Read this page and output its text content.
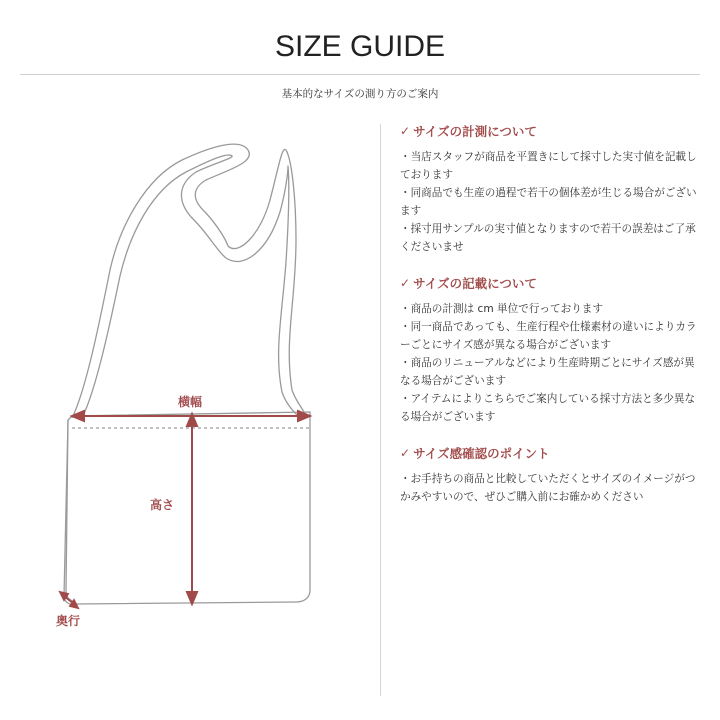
SIZE GUIDE
基本的なサイズの測り方のご案内
横幅
高さ
奥行
✓ サイズの計測について

・当店スタッフが商品を平置きにして採寸した実寸値を記載しております

・同商品でも生産の過程で若干の個体差が生じる場合がございます

・採寸用サンプルの実寸値となりますので若干の誤差はご了承くださいませ

✓ サイズの記載について

・商品の計測は cm 単位で行っております

・同一商品であっても、生産行程や仕様素材の違いによりカラーごとにサイズ感が異なる場合がございます

・商品のリニューアルなどにより生産時期ごとにサイズ感が異なる場合がございます

・アイテムによりこちらでご案内している採寸方法と多少異なる場合がございます

✓ サイズ感確認のポイント

・お手持ちの商品と比較していただくとサイズのイメージがつかみやすいので、ぜひご購入前にお確かめください
